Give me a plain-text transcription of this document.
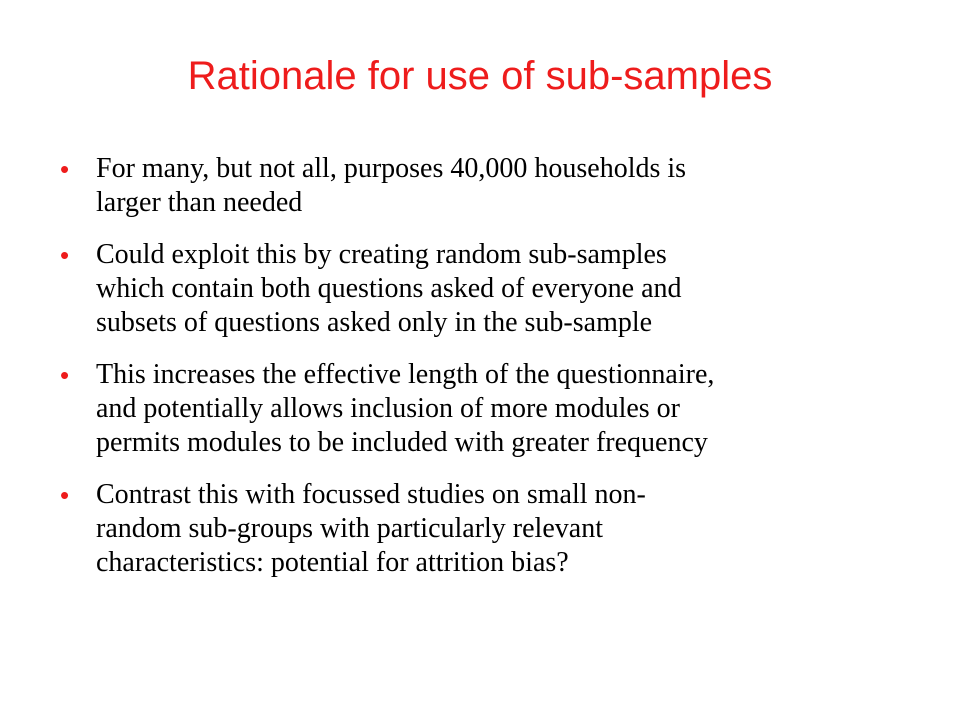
Rationale for use of sub-samples
• For many, but not all, purposes 40,000 households is
larger than needed
• Could exploit this by creating random sub-samples
which contain both questions asked of everyone and
subsets of questions asked only in the sub-sample
• This increases the effective length of the questionnaire,
and potentially allows inclusion of more modules or
permits modules to be included with greater frequency
• Contrast this with focussed studies on small non-
random sub-groups with particularly relevant
characteristics: potential for attrition bias?
